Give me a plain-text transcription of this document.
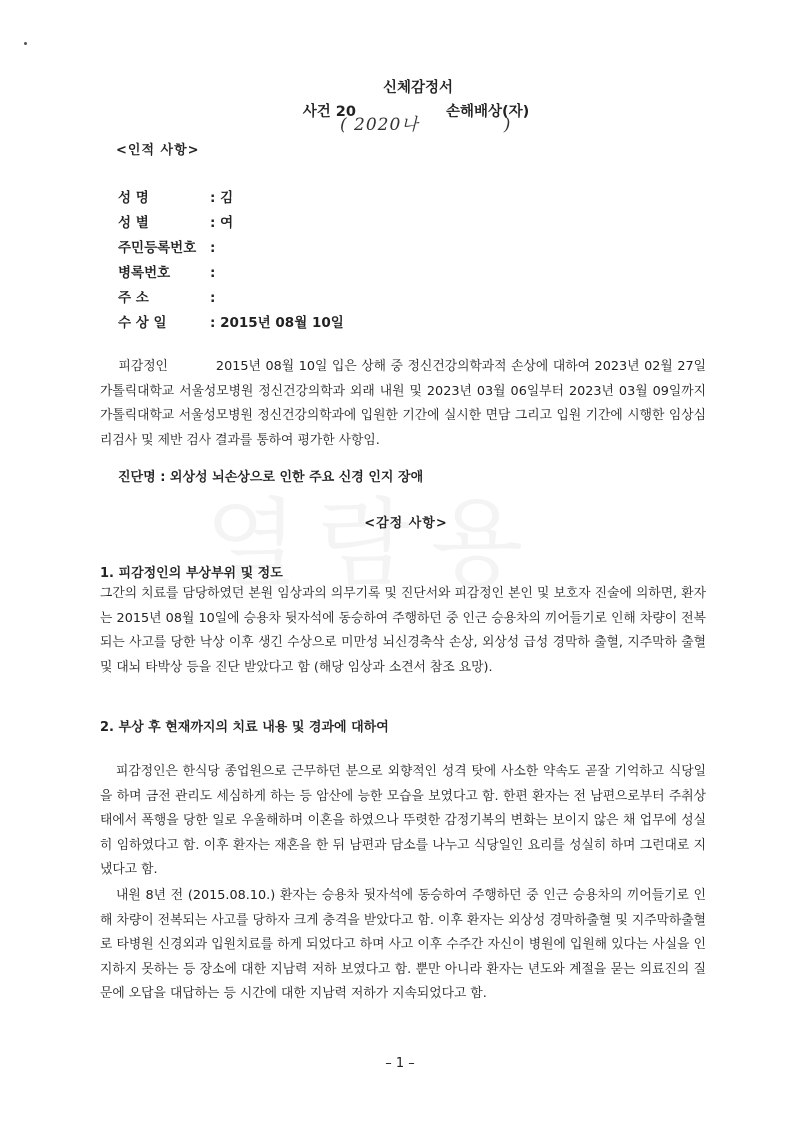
신체감정서
사건 20	손해배상(자)
( 2020나	)
<인적 사항>
성 명	: 김
성 별	: 여
주민등록번호 :
병록번호	:
주 소	:
수 상 일	: 2015년 08월 10일
피감정인	2015년 08월 10일 입은 상해 중 정신건강의학과적 손상에 대하여 2023년 02월 27일 가톨릭대학교 서울성모병원 정신건강의학과 외래 내원 및 2023년 03월 06일부터 2023년 03월 09일까지 가톨릭대학교 서울성모병원 정신건강의학과에 입원한 기간에 실시한 면담 그리고 입원 기간에 시행한 임상심리검사 및 제반 검사 결과를 통하여 평가한 사항임.
진단명 : 외상성 뇌손상으로 인한 주요 신경 인지 장애
<감정 사항>
1. 피감정인의 부상부위 및 정도
그간의 치료를 담당하였던 본원 임상과의 의무기록 및 진단서와 피감정인 본인 및 보호자 진술에 의하면, 환자는 2015년 08월 10일에 승용차 뒷자석에 동승하여 주행하던 중 인근 승용차의 끼어들기로 인해 차량이 전복되는 사고를 당한 낙상 이후 생긴 수상으로 미만성 뇌신경축삭 손상, 외상성 급성 경막하 출혈, 지주막하 출혈 및 대뇌 타박상 등을 진단 받았다고 함 (해당 임상과 소견서 참조 요망).
2. 부상 후 현재까지의 치료 내용 및 경과에 대하여
피감정인은 한식당 종업원으로 근무하던 분으로 외향적인 성격 탓에 사소한 약속도 곧잘 기억하고 식당일을 하며 금전 관리도 세심하게 하는 등 암산에 능한 모습을 보였다고 함. 한편 환자는 전 남편으로부터 주취상태에서 폭행을 당한 일로 우울해하며 이혼을 하였으나 뚜렷한 감정기복의 변화는 보이지 않은 채 업무에 성실히 임하였다고 함. 이후 환자는 재혼을 한 뒤 남편과 담소를 나누고 식당일인 요리를 성실히 하며 그런대로 지냈다고 함.
내원 8년 전 (2015.08.10.) 환자는 승용차 뒷자석에 동승하여 주행하던 중 인근 승용차의 끼어들기로 인해 차량이 전복되는 사고를 당하자 크게 충격을 받았다고 함. 이후 환자는 외상성 경막하출혈 및 지주막하출혈로 타병원 신경외과 입원치료를 하게 되었다고 하며 사고 이후 수주간 자신이 병원에 입원해 있다는 사실을 인지하지 못하는 등 장소에 대한 지남력 저하 보였다고 함. 뿐만 아니라 환자는 년도와 계절을 묻는 의료진의 질문에 오답을 대답하는 등 시간에 대한 지남력 저하가 지속되었다고 함.
– 1 –
